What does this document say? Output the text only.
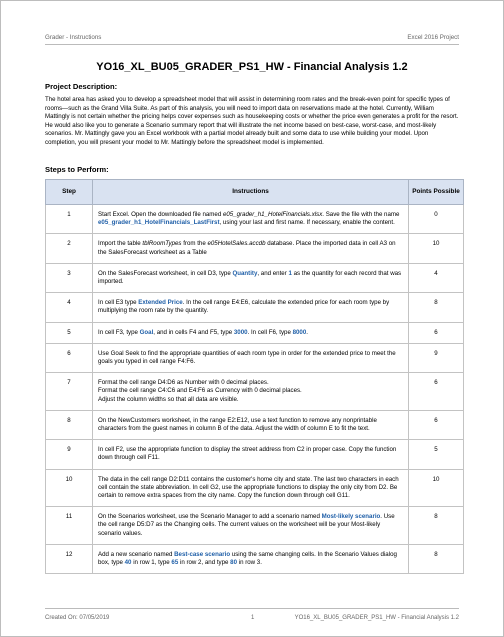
Grader - Instructions	Excel 2016 Project
YO16_XL_BU05_GRADER_PS1_HW - Financial Analysis 1.2
Project Description:
The hotel area has asked you to develop a spreadsheet model that will assist in determining room rates and the break-even point for specific types of rooms—such as the Grand Villa Suite. As part of this analysis, you will need to import data on reservations made at the hotel. Currently, William Mattingly is not certain whether the pricing helps cover expenses such as housekeeping costs or whether the price even generates a profit for the resort. He would also like you to generate a Scenario summary report that will illustrate the net income based on best-case, worst-case, and most-likely scenarios. Mr. Mattingly gave you an Excel workbook with a partial model already built and some data to use while building your model. Upon completion, you will present your model to Mr. Mattingly before the spreadsheet model is implemented.
Steps to Perform:
Step	Instructions	Points Possible
1	Start Excel. Open the downloaded file named e05_grader_h1_HotelFinancials.xlsx. Save the file with the name e05_grader_h1_HotelFinancials_LastFirst, using your last and first name. If necessary, enable the content.	0
2	Import the table tblRoomTypes from the e05HotelSales.accdb database. Place the imported data in cell A3 on the SalesForecast worksheet as a Table	10
3	On the SalesForecast worksheet, in cell D3, type Quantity, and enter 1 as the quantity for each record that was imported.	4
4	In cell E3 type Extended Price. In the cell range E4:E6, calculate the extended price for each room type by multiplying the room rate by the quantity.	8
5	In cell F3, type Goal, and in cells F4 and F5, type 3000. In cell F6, type 8000.	6
6	Use Goal Seek to find the appropriate quantities of each room type in order for the extended price to meet the goals you typed in cell range F4:F6.	9
7	Format the cell range D4:D6 as Number with 0 decimal places.
Format the cell range C4:C6 and E4:F6 as Currency with 0 decimal places.
Adjust the column widths so that all data are visible.	6
8	On the NewCustomers worksheet, in the range E2:E12, use a text function to remove any nonprintable characters from the guest names in column B of the data. Adjust the width of column E to fit the text.	6
9	In cell F2, use the appropriate function to display the street address from C2 in proper case. Copy the function down through cell F11.	5
10	The data in the cell range D2:D11 contains the customer's home city and state. The last two characters in each cell contain the state abbreviation. In cell G2, use the appropriate functions to display the only city from D2. Be certain to remove extra spaces from the city name. Copy the function down through cell G11.	10
11	On the Scenarios worksheet, use the Scenario Manager to add a scenario named Most-likely scenario. Use the cell range D5:D7 as the Changing cells. The current values on the worksheet will be your Most-likely scenario values.	8
12	Add a new scenario named Best-case scenario using the same changing cells. In the Scenario Values dialog box, type 40 in row 1, type 65 in row 2, and type 80 in row 3.	8
Created On: 07/05/2019	1	YO16_XL_BU05_GRADER_PS1_HW - Financial Analysis 1.2
